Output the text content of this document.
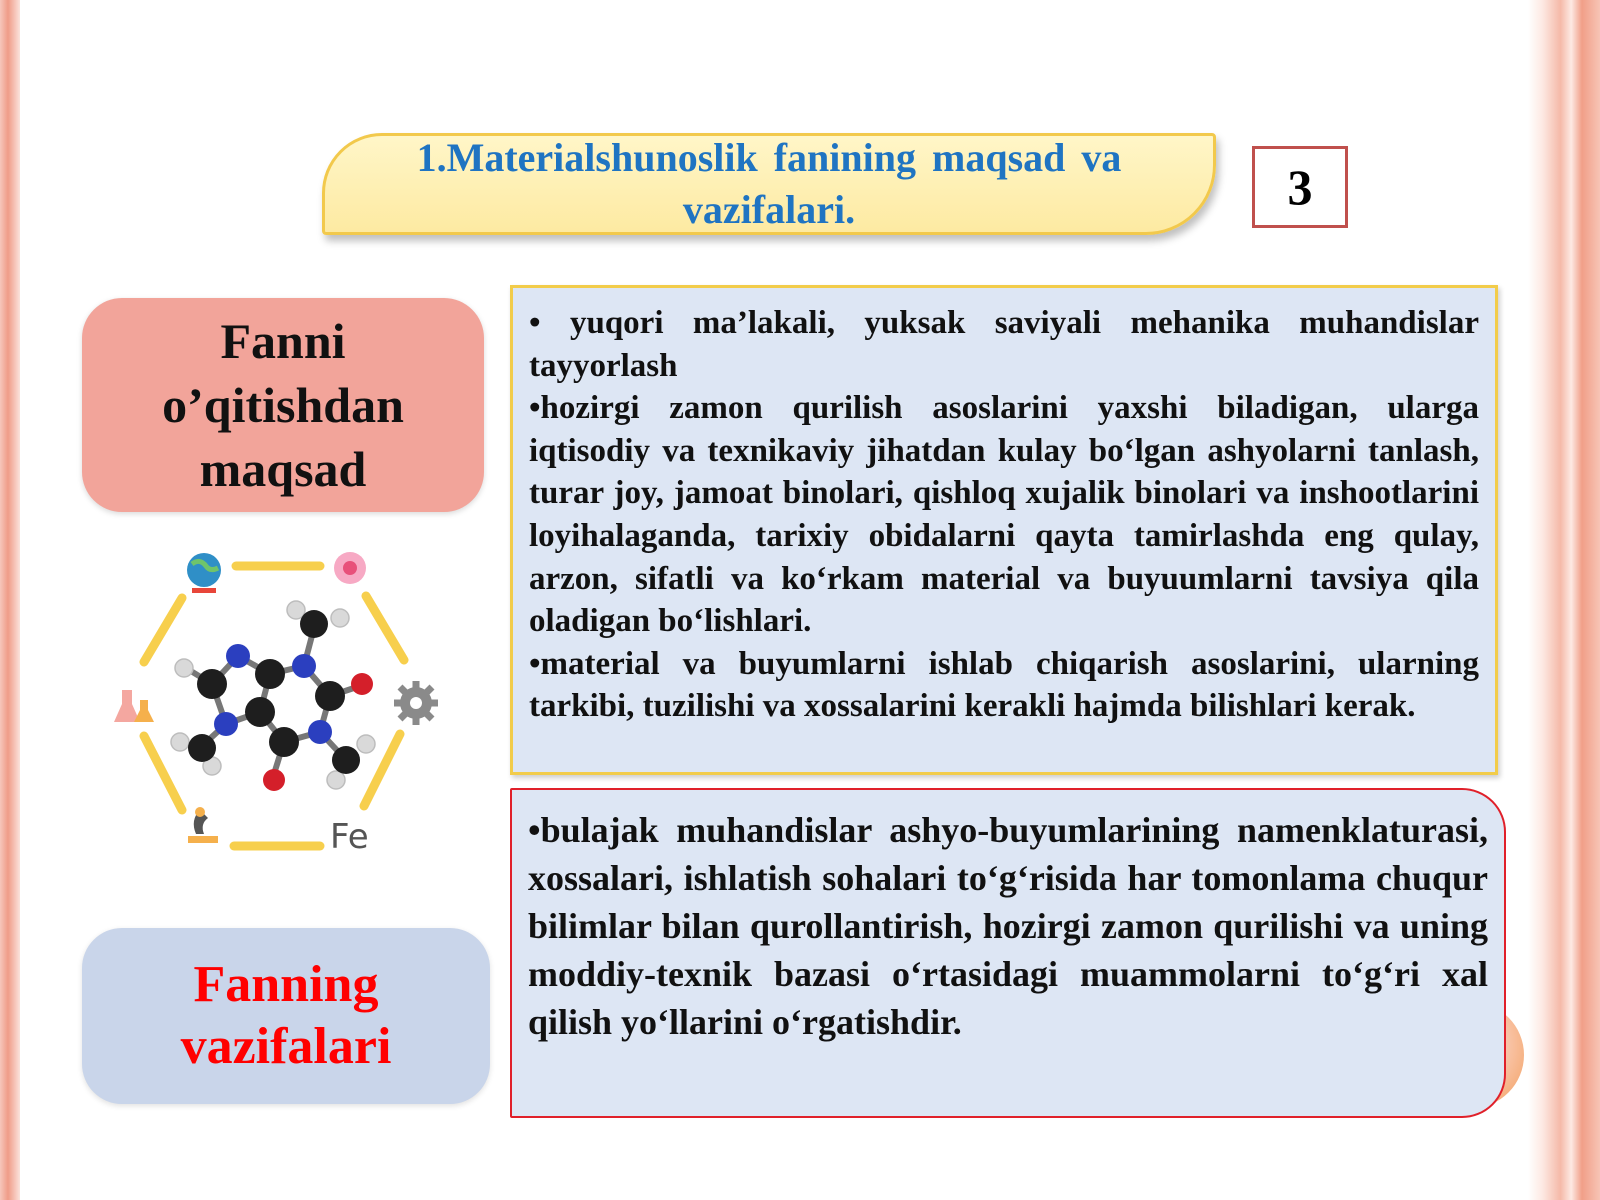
1.Materialshunoslik fanining maqsad va vazifalari.	3
Fanni o’qitishdan maqsad

• yuqori ma’lakali, yuksak saviyali mehanika muhandislar tayyorlash

•hozirgi zamon qurilish asoslarini yaxshi biladigan, ularga iqtisodiy va texnikaviy jihatdan kulay bo‘lgan ashyolarni tanlash, turar joy, jamoat binolari, qishloq xujalik binolari va inshootlarini loyihalaganda, tarixiy obidalarni qayta tamirlashda eng qulay, arzon, sifatli va ko‘rkam material va buyuumlarni tavsiya qila oladigan bo‘lishlari.

•material va buyumlarni ishlab chiqarish asoslarini, ularning tarkibi, tuzilishi va xossalarini kerakli hajmda bilishlari kerak.

Fe
Fanning vazifalari

•bulajak muhandislar ashyo-buyumlarining namenklaturasi, xossalari, ishlatish sohalari to‘g‘risida har tomonlama chuqur bilimlar bilan qurollantirish, hozirgi zamon qurilishi va uning moddiy-texnik bazasi o‘rtasidagi muammolarni to‘g‘ri xal qilish yo‘llarini o‘rgatishdir.
